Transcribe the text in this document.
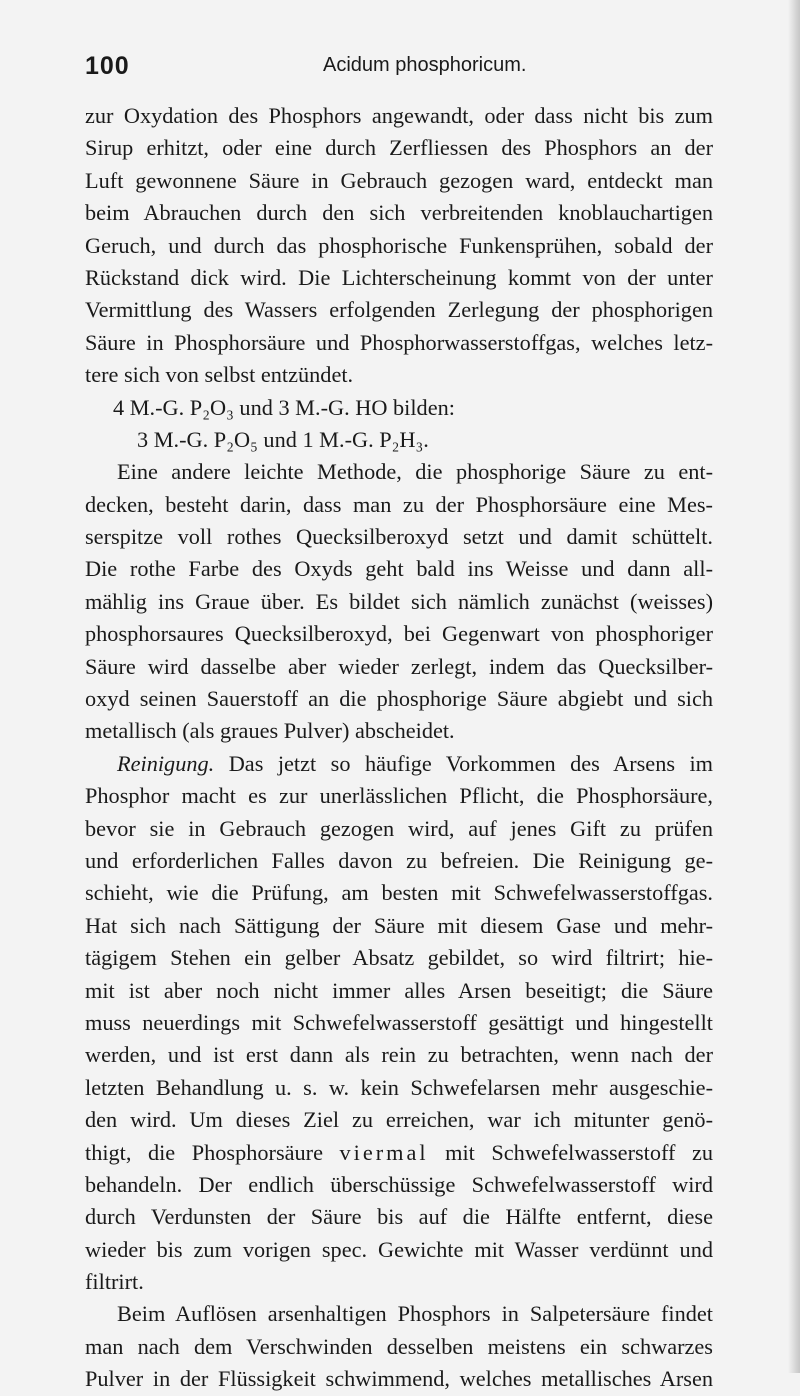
100	Acidum phosphoricum.
zur Oxydation des Phosphors angewandt, oder dass nicht bis zum
Sirup erhitzt, oder eine durch Zerfliessen des Phosphors an der
Luft gewonnene Säure in Gebrauch gezogen ward, entdeckt man
beim Abrauchen durch den sich verbreitenden knoblauchartigen
Geruch, und durch das phosphorische Funkensprühen, sobald der
Rückstand dick wird. Die Lichterscheinung kommt von der unter
Vermittlung des Wassers erfolgenden Zerlegung der phosphorigen
Säure in Phosphorsäure und Phosphorwasserstoffgas, welches letz-
tere sich von selbst entzündet.
4 M.-G. P₂O₃ und 3 M.-G. HO bilden:
3 M.-G. P₂O₅ und 1 M.-G. P₂H₃.
Eine andere leichte Methode, die phosphorige Säure zu ent-
decken, besteht darin, dass man zu der Phosphorsäure eine Mes-
serspitze voll rothes Quecksilberoxyd setzt und damit schüttelt.
Die rothe Farbe des Oxyds geht bald ins Weisse und dann all-
mählig ins Graue über. Es bildet sich nämlich zunächst (weisses)
phosphorsaures Quecksilberoxyd, bei Gegenwart von phosphoriger
Säure wird dasselbe aber wieder zerlegt, indem das Quecksilber-
oxyd seinen Sauerstoff an die phosphorige Säure abgiebt und sich
metallisch (als graues Pulver) abscheidet.
Reinigung. Das jetzt so häufige Vorkommen des Arsens im
Phosphor macht es zur unerlässlichen Pflicht, die Phosphorsäure,
bevor sie in Gebrauch gezogen wird, auf jenes Gift zu prüfen
und erforderlichen Falles davon zu befreien. Die Reinigung ge-
schieht, wie die Prüfung, am besten mit Schwefelwasserstoffgas.
Hat sich nach Sättigung der Säure mit diesem Gase und mehr-
tägigem Stehen ein gelber Absatz gebildet, so wird filtrirt; hie-
mit ist aber noch nicht immer alles Arsen beseitigt; die Säure
muss neuerdings mit Schwefelwasserstoff gesättigt und hingestellt
werden, und ist erst dann als rein zu betrachten, wenn nach der
letzten Behandlung u. s. w. kein Schwefelarsen mehr ausgeschie-
den wird. Um dieses Ziel zu erreichen, war ich mitunter genö-
thigt, die Phosphorsäure viermal mit Schwefelwasserstoff zu
behandeln. Der endlich überschüssige Schwefelwasserstoff wird
durch Verdunsten der Säure bis auf die Hälfte entfernt, diese
wieder bis zum vorigen spec. Gewichte mit Wasser verdünnt und
filtrirt.
Beim Auflösen arsenhaltigen Phosphors in Salpetersäure findet
man nach dem Verschwinden desselben meistens ein schwarzes
Pulver in der Flüssigkeit schwimmend, welches metallisches Arsen
